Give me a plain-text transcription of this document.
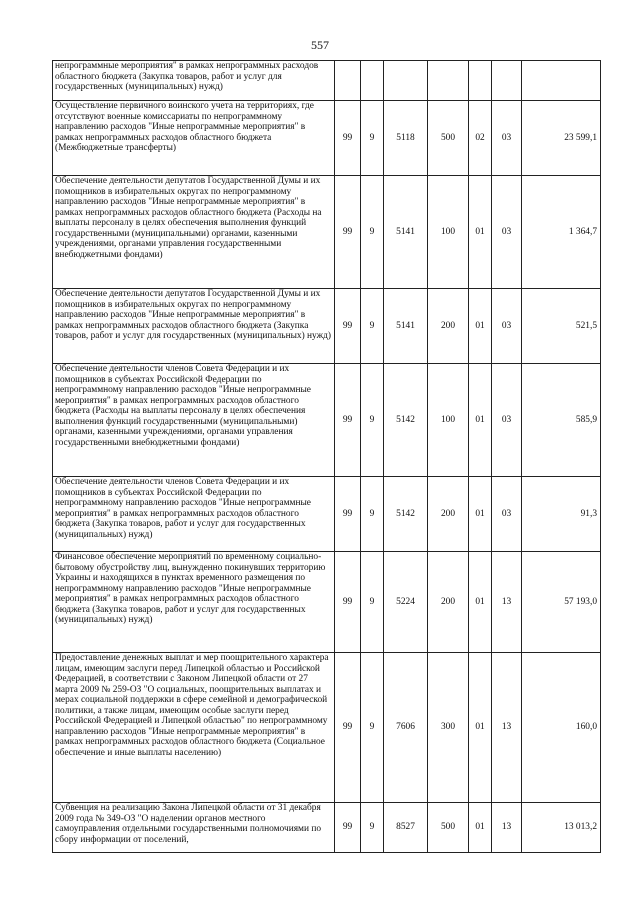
557
непрограммные мероприятия" в рамках непрограммных расходов областного бюджета (Закупка товаров, работ и услуг для государственных (муниципальных) нужд)							
Осуществление первичного воинского учета на территориях, где отсутствуют военные комиссариаты по непрограммному направлению расходов "Иные непрограммные мероприятия" в рамках непрограммных расходов областного бюджета (Межбюджетные трансферты)	99	9	5118	500	02	03	23 599,1
Обеспечение деятельности депутатов Государственной Думы и их помощников в избирательных округах по непрограммному направлению расходов "Иные непрограммные мероприятия" в рамках непрограммных расходов областного бюджета (Расходы на выплаты персоналу в целях обеспечения выполнения функций государственными (муниципальными) органами, казенными учреждениями, органами управления государственными внебюджетными фондами)	99	9	5141	100	01	03	1 364,7
Обеспечение деятельности депутатов Государственной Думы и их помощников в избирательных округах по непрограммному направлению расходов "Иные непрограммные мероприятия" в рамках непрограммных расходов областного бюджета (Закупка товаров, работ и услуг для государственных (муниципальных) нужд)	99	9	5141	200	01	03	521,5
Обеспечение деятельности членов Совета Федерации и их помощников в субъектах Российской Федерации по непрограммному направлению расходов "Иные непрограммные мероприятия" в рамках непрограммных расходов областного бюджета (Расходы на выплаты персоналу в целях обеспечения выполнения функций государственными (муниципальными) органами, казенными учреждениями, органами управления государственными внебюджетными фондами)	99	9	5142	100	01	03	585,9
Обеспечение деятельности членов Совета Федерации и их помощников в субъектах Российской Федерации по непрограммному направлению расходов "Иные непрограммные мероприятия" в рамках непрограммных расходов областного бюджета (Закупка товаров, работ и услуг для государственных (муниципальных) нужд)	99	9	5142	200	01	03	91,3
Финансовое обеспечение мероприятий по временному социально-бытовому обустройству лиц, вынужденно покинувших территорию Украины и находящихся в пунктах временного размещения по непрограммному направлению расходов "Иные непрограммные мероприятия" в рамках непрограммных расходов областного бюджета (Закупка товаров, работ и услуг для государственных (муниципальных) нужд)	99	9	5224	200	01	13	57 193,0
Предоставление денежных выплат и мер поощрительного характера лицам, имеющим заслуги перед Липецкой областью и Российской Федерацией, в соответствии с Законом Липецкой области от 27 марта 2009 № 259-ОЗ "О социальных, поощрительных выплатах и мерах социальной поддержки в сфере семейной и демографической политики, а также лицам, имеющим особые заслуги перед Российской Федерацией и Липецкой областью" по непрограммному направлению расходов "Иные непрограммные мероприятия" в рамках непрограммных расходов областного бюджета (Социальное обеспечение и иные выплаты населению)	99	9	7606	300	01	13	160,0
Субвенция на реализацию Закона Липецкой области от 31 декабря 2009 года № 349-ОЗ "О наделении органов местного самоуправления отдельными государственными полномочиями по сбору информации от поселений,	99	9	8527	500	01	13	13 013,2
